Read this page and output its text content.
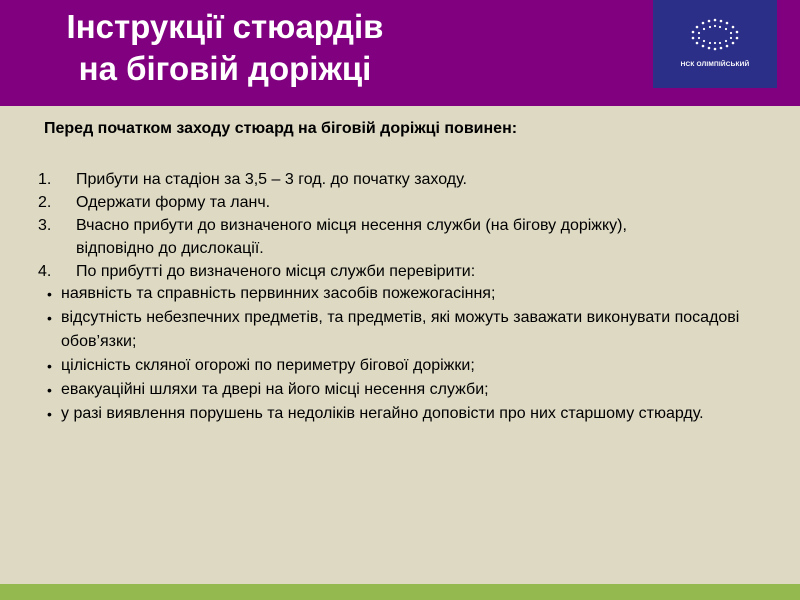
Інструкції стюардів
на біговій доріжці	НСК ОЛІМПІЙСЬКИЙ
Перед початком заходу стюард на біговій доріжці повинен:
1. Прибути на стадіон за 3,5 – 3 год. до початку заходу.
2. Одержати форму та ланч.
3. Вчасно прибути до визначеного місця несення служби (на бігову доріжку), відповідно до дислокації.
4. По прибутті до визначеного місця служби перевірити:
• наявність та справність первинних засобів пожежогасіння;
• відсутність небезпечних предметів, та предметів, які можуть заважати виконувати посадові обов’язки;
• цілісність скляної огорожі по периметру бігової доріжки;
• евакуаційні шляхи та двері на його місці несення служби;
• у разі виявлення порушень та недоліків негайно доповісти про них старшому стюарду.
